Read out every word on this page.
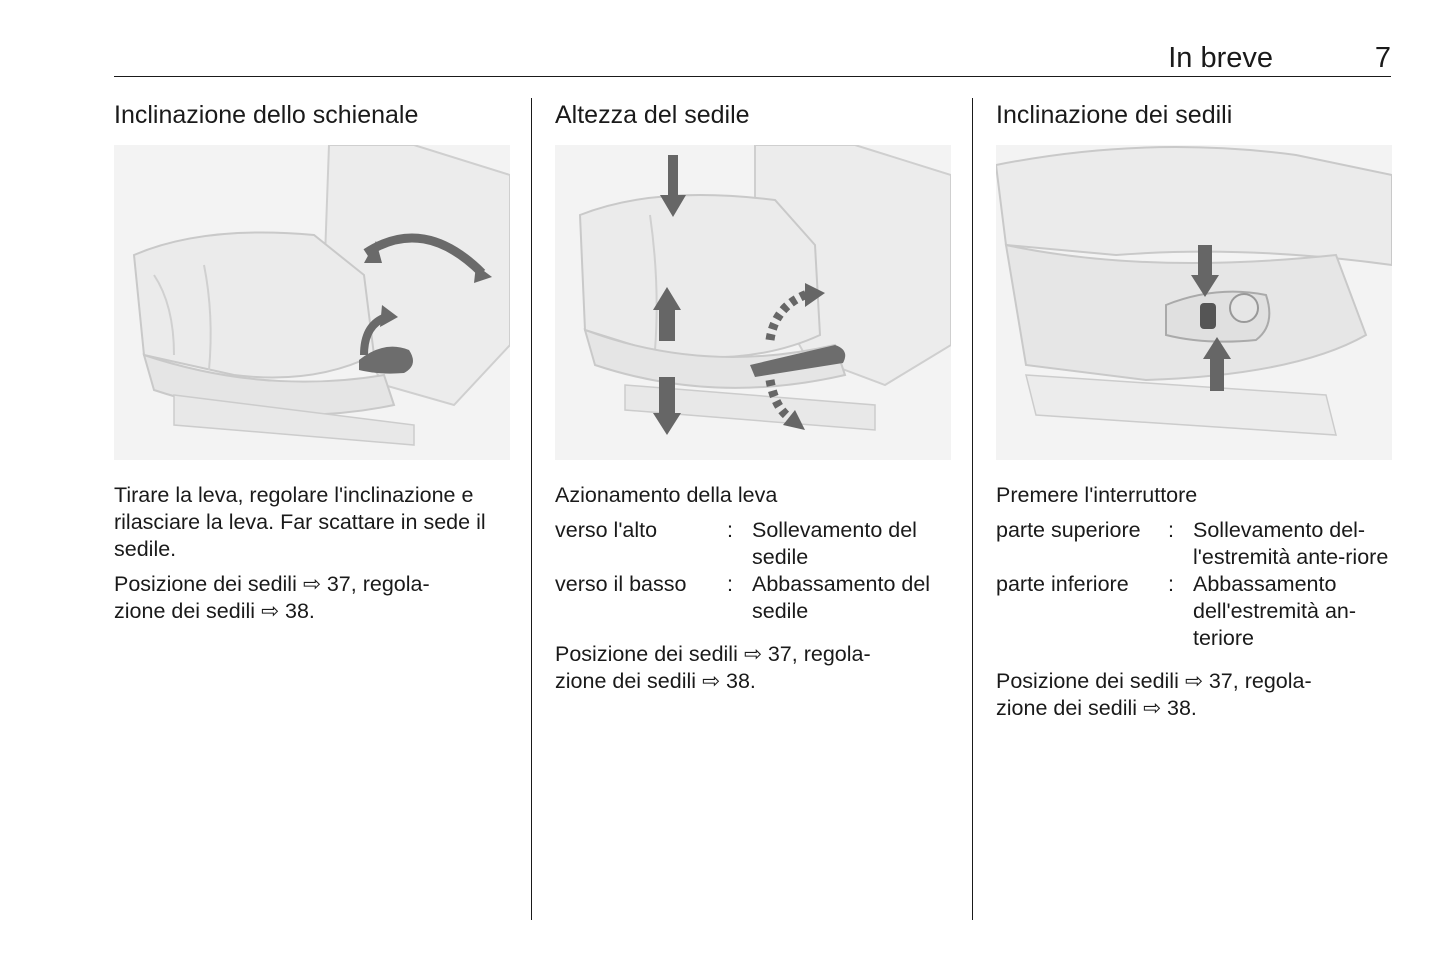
In breve	7
Inclinazione dello schienale

Tirare la leva, regolare l'inclinazione e rilasciare la leva. Far scattare in sede il sedile.

Posizione dei sedili ⇨ 37, regola-
zione dei sedili ⇨ 38.

Altezza del sedile

Azionamento della leva

verso l'alto	:	Sollevamento del sedile
verso il basso	:	Abbassamento del sedile

Posizione dei sedili ⇨ 37, regola-
zione dei sedili ⇨ 38.

Inclinazione dei sedili

Premere l'interruttore

parte superiore	:	Sollevamento del-l'estremità ante-riore
parte inferiore	:	Abbassamento dell'estremità an-teriore

Posizione dei sedili ⇨ 37, regola-
zione dei sedili ⇨ 38.
